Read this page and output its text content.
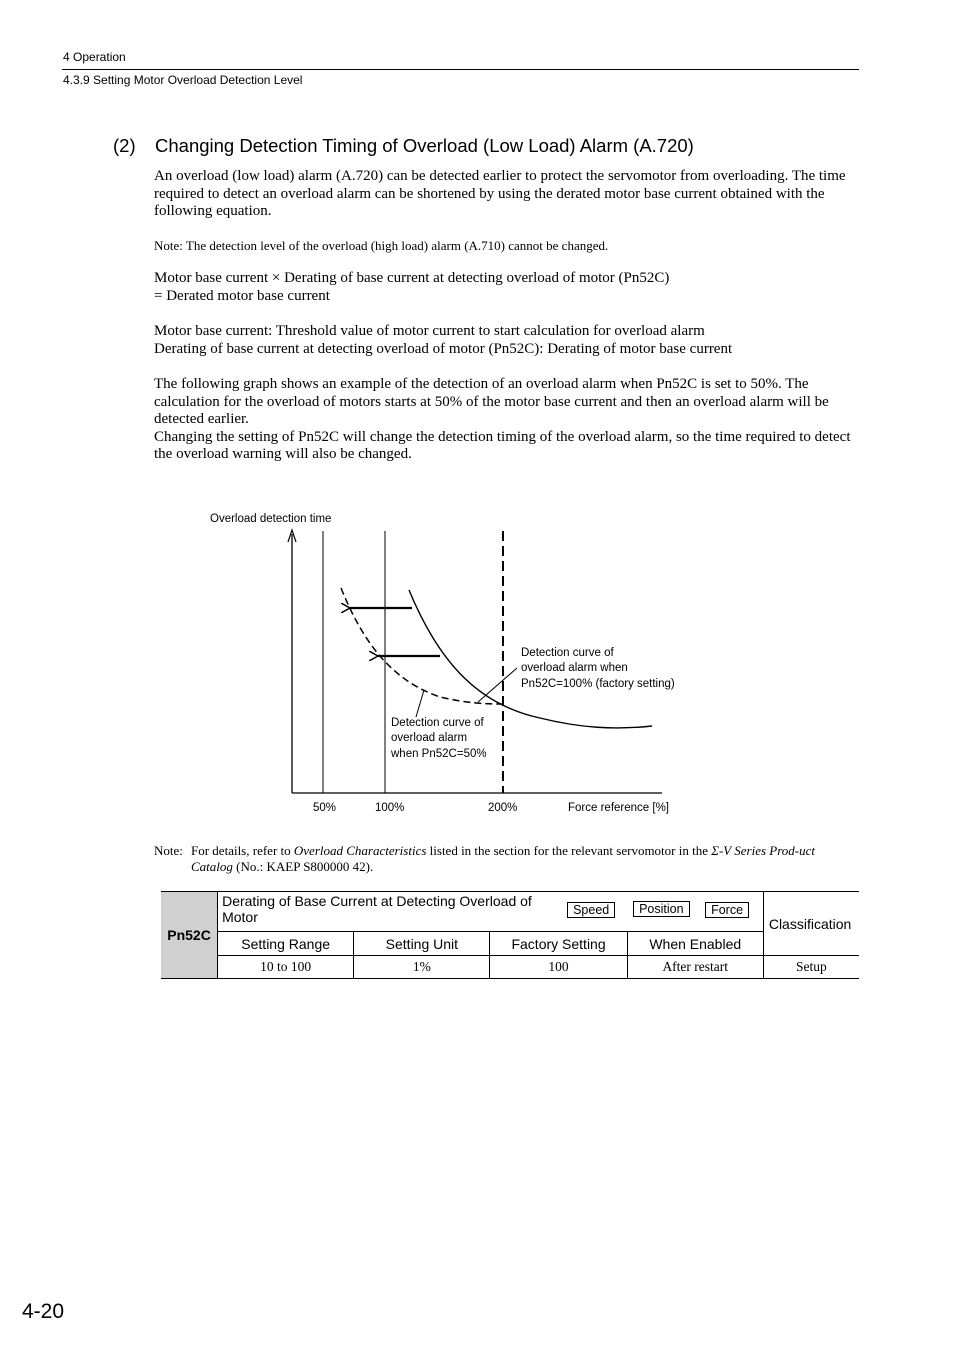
4 Operation
4.3.9 Setting Motor Overload Detection Level
(2) Changing Detection Timing of Overload (Low Load) Alarm (A.720)
An overload (low load) alarm (A.720) can be detected earlier to protect the servomotor from overloading. The time required to detect an overload alarm can be shortened by using the derated motor base current obtained with the following equation.
Note: The detection level of the overload (high load) alarm (A.710) cannot be changed.
Motor base current × Derating of base current at detecting overload of motor (Pn52C)
= Derated motor base current
Motor base current: Threshold value of motor current to start calculation for overload alarm
Derating of base current at detecting overload of motor (Pn52C): Derating of motor base current
The following graph shows an example of the detection of an overload alarm when Pn52C is set to 50%. The calculation for the overload of motors starts at 50% of the motor base current and then an overload alarm will be detected earlier.
Changing the setting of Pn52C will change the detection timing of the overload alarm, so the time required to detect the overload warning will also be changed.
Overload detection time
50%	100%	200%	Force reference [%]
Detection curve of
overload alarm when
Pn52C=100% (factory setting)
Detection curve of
overload alarm
when Pn52C=50%
Note: For details, refer to Overload Characteristics listed in the section for the relevant servomotor in the Σ-V Series Prod-uct Catalog (No.: KAEP S800000 42).
Pn52C	Derating of Base Current at Detecting Overload of Motor Speed Position Force				Classification
	Setting Range	Setting Unit	Factory Setting	When Enabled	
	10 to 100	1%	100	After restart	Setup
4-20
